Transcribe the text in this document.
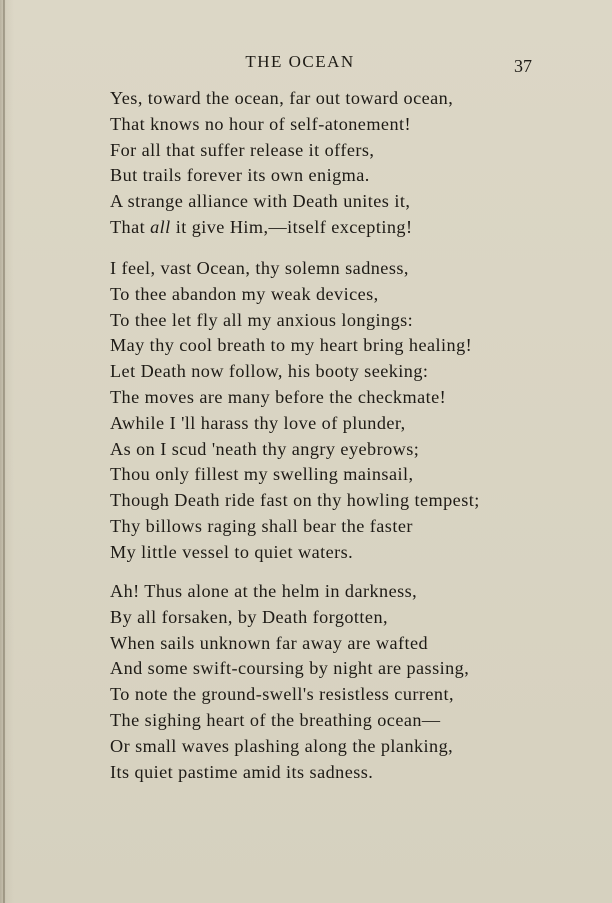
THE OCEAN	37
Yes, toward the ocean, far out toward ocean,
That knows no hour of self-atonement!
For all that suffer release it offers,
But trails forever its own enigma.
A strange alliance with Death unites it,
That all it give Him,—itself excepting!
I feel, vast Ocean, thy solemn sadness,
To thee abandon my weak devices,
To thee let fly all my anxious longings:
May thy cool breath to my heart bring healing!
Let Death now follow, his booty seeking:
The moves are many before the checkmate!
Awhile I 'll harass thy love of plunder,
As on I scud 'neath thy angry eyebrows;
Thou only fillest my swelling mainsail,
Though Death ride fast on thy howling tempest;
Thy billows raging shall bear the faster
My little vessel to quiet waters.
Ah! Thus alone at the helm in darkness,
By all forsaken, by Death forgotten,
When sails unknown far away are wafted
And some swift-coursing by night are passing,
To note the ground-swell's resistless current,
The sighing heart of the breathing ocean—
Or small waves plashing along the planking,
Its quiet pastime amid its sadness.
